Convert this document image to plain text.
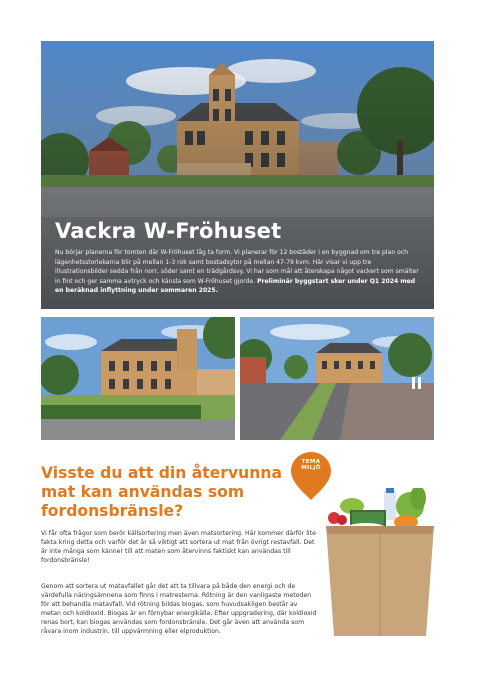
Vackra W-Fröhuset
Nu börjar planerna för tomten där W-Fröhuset låg ta form. Vi planerar för 12 bostäder i en byggnad om tre plan och lägenhetsstorlekarna blir på mellan 1-3 rok samt bostadsytor på mellan 47-79 kvm. Här visar vi upp tre illustrationsbilder sedda från norr, söder samt en trädgårdsvy. Vi har som mål att återskapa något vackert som smälter in fint och ger samma avtryck och känsla som W-Fröhuset gjorde. Preliminär byggstart sker under Q1 2024 med en beräknad inflyttning under sommaren 2025.
Visste du att din återvunna mat kan användas som fordonsbränsle?
TEMA MILJÖ
Vi får ofta frågor som berör källsortering men även matsortering. Här kommer därför lite fakta kring detta och varför det är så viktigt att sortera ut mat från övrigt restavfall. Det är inte många som känner till att maten som återvinns faktiskt kan användas till fordonsbränsle!
Genom att sortera ut matavfallet går det att ta tillvara på både den energi och de värdefulla näringsämnena som finns i matresterna. Rötning är den vanligaste metoden för att behandla matavfall. Vid rötning bildas biogas, som huvudsakligen består av metan och koldioxid. Biogas är en förnybar energikälla. Efter uppgradering, där koldioxid renas bort, kan biogas användas som fordonsbränsle. Det går även att använda som råvara inom industrin, till uppvärmning eller elproduktion.
